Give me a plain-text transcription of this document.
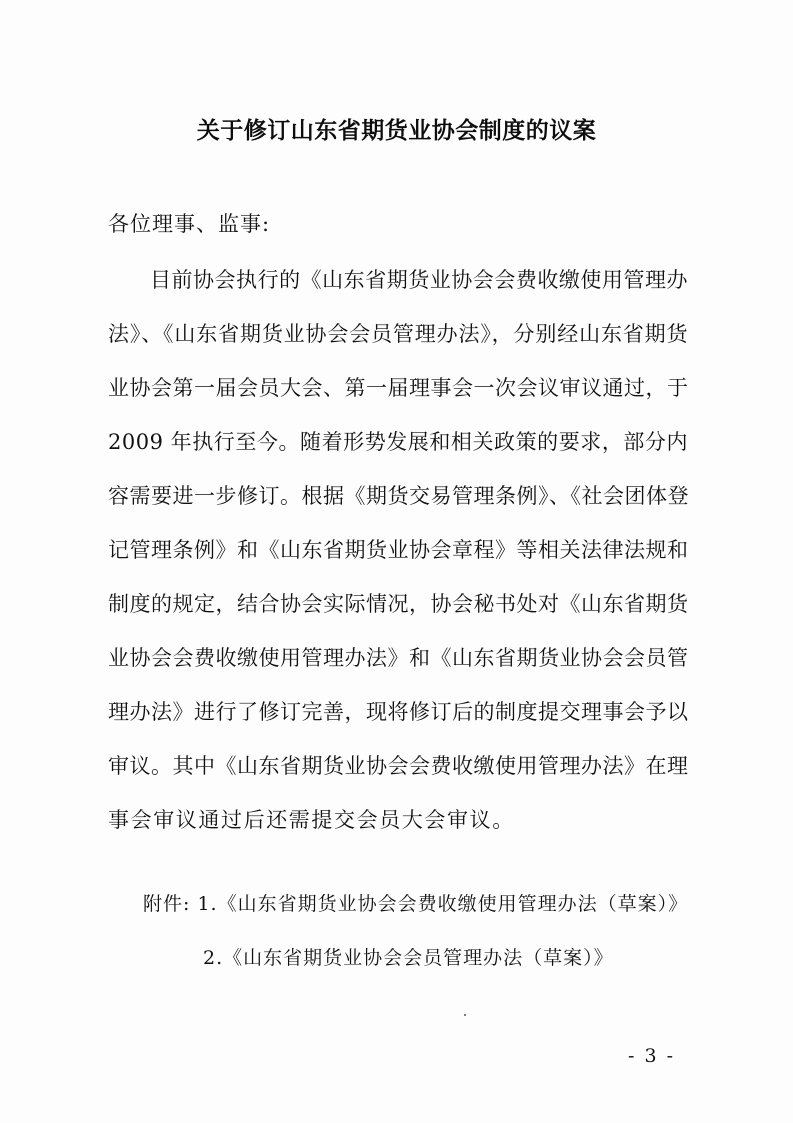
关于修订山东省期货业协会制度的议案
各位理事、监事:
目前协会执行的《山东省期货业协会会费收缴使用管理办
法》、《山东省期货业协会会员管理办法》，分别经山东省期货
业协会第一届会员大会、第一届理事会一次会议审议通过，于
2009 年执行至今。随着形势发展和相关政策的要求，部分内
容需要进一步修订。根据《期货交易管理条例》、《社会团体登
记管理条例》和《山东省期货业协会章程》等相关法律法规和
制度的规定，结合协会实际情况，协会秘书处对《山东省期货
业协会会费收缴使用管理办法》和《山东省期货业协会会员管
理办法》进行了修订完善，现将修订后的制度提交理事会予以
审议。其中《山东省期货业协会会费收缴使用管理办法》在理
事会审议通过后还需提交会员大会审议。
附件: 1.《山东省期货业协会会费收缴使用管理办法（草案）》
2.《山东省期货业协会会员管理办法（草案）》
- 3 -
